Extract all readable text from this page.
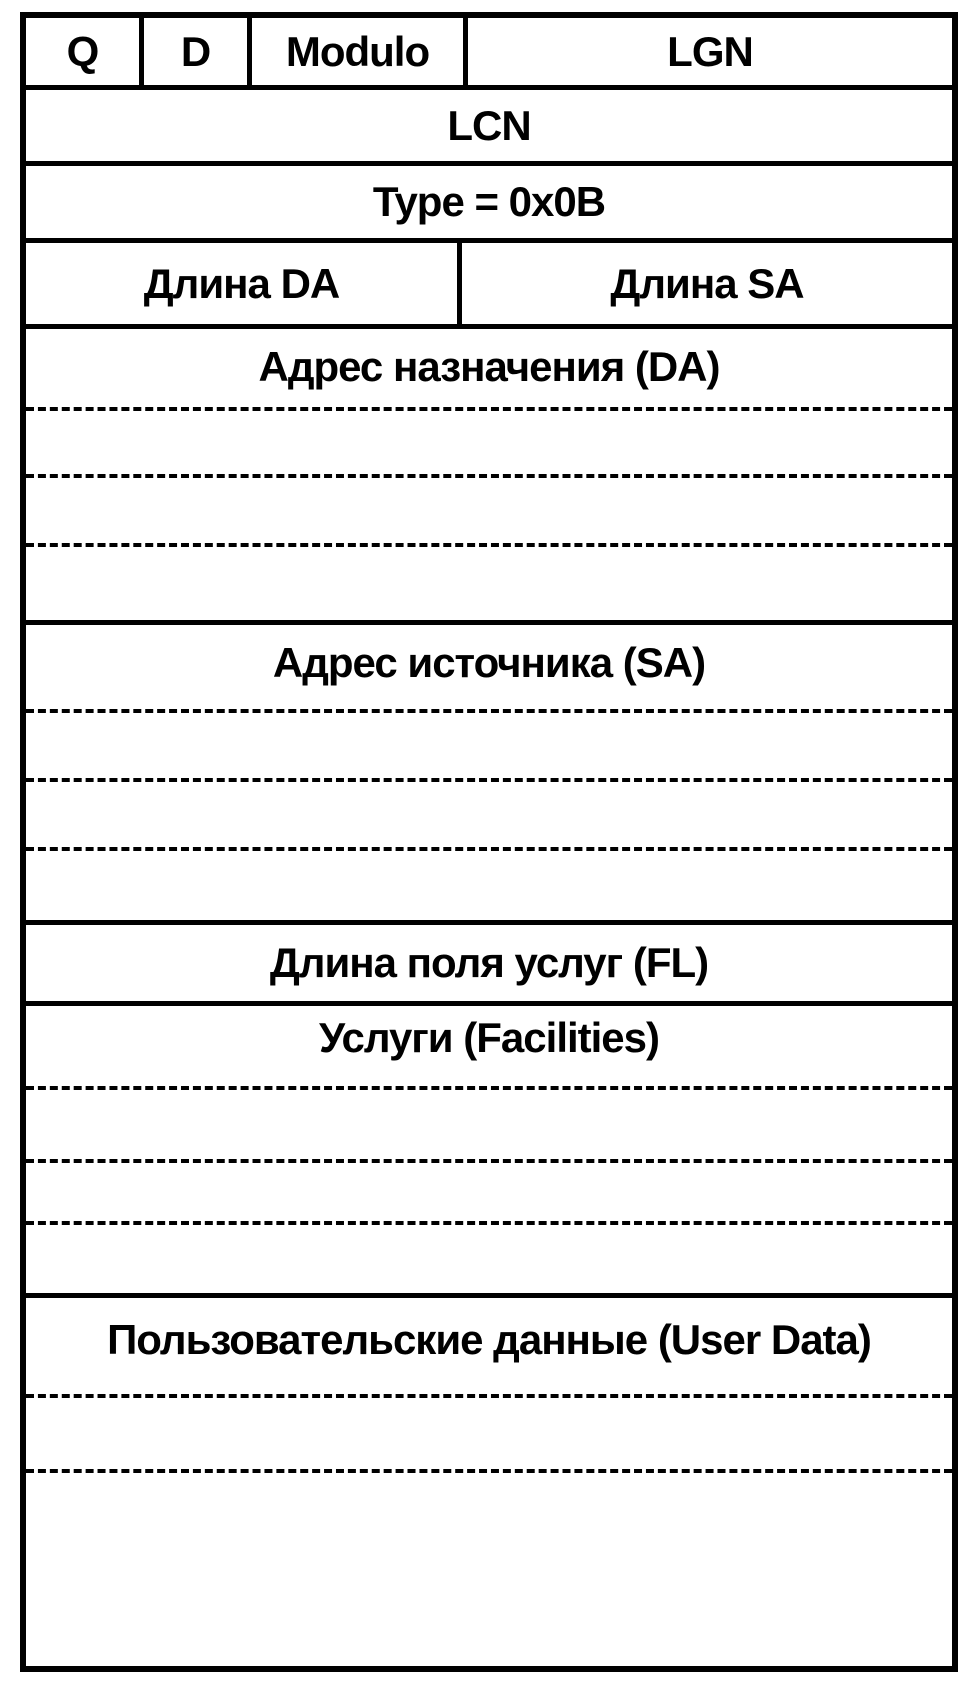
Q D Modulo	LGN
LCN
Type = 0x0B
Длина DA	Длина SA
Адрес назначения (DA)
Адрес источника (SA)
Длина поля услуг (FL)
Услуги (Facilities)
Пользовательские данные (User Data)
